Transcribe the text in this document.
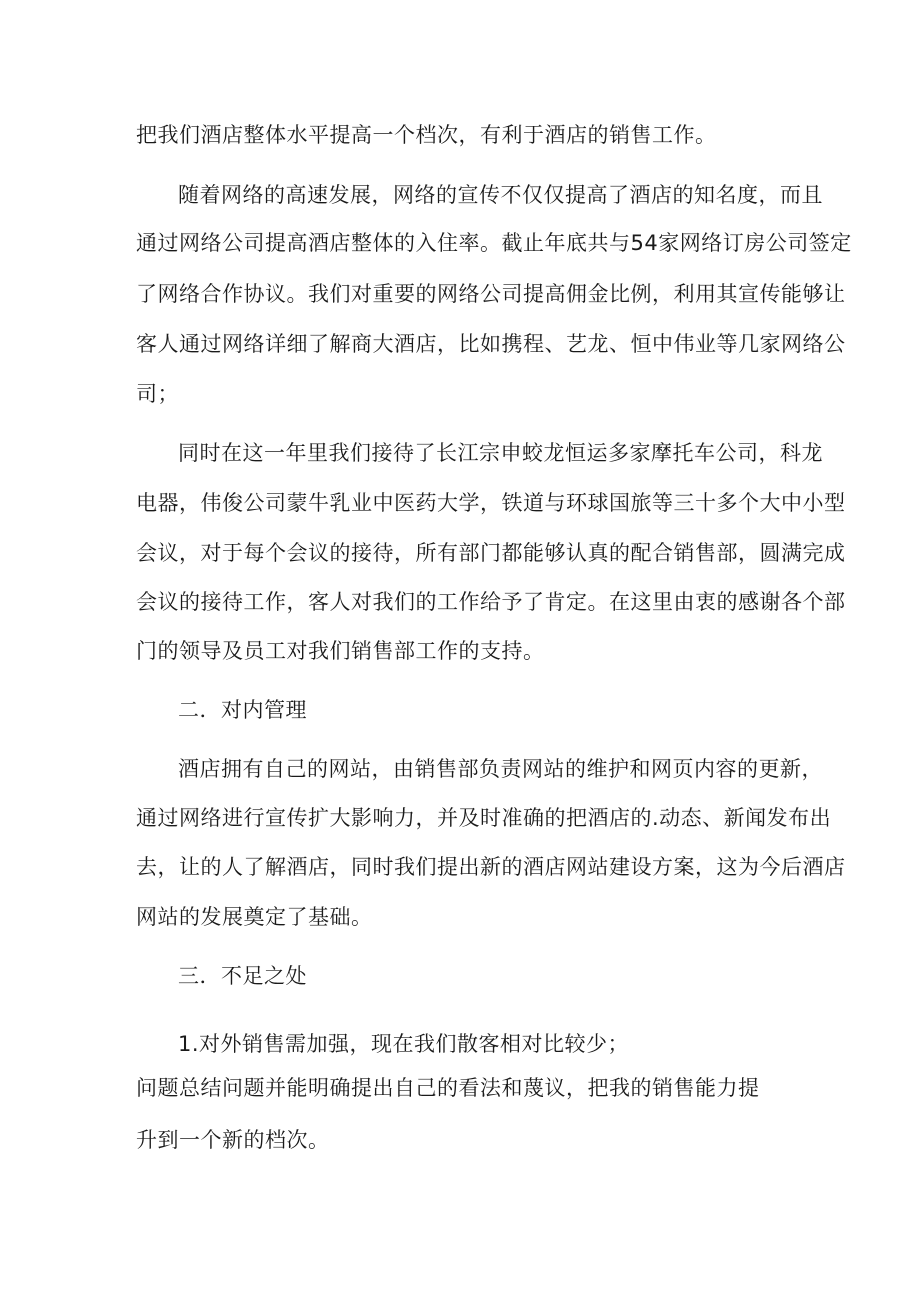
把我们酒店整体水平提高一个档次，有利于酒店的销售工作。
随着网络的高速发展，网络的宣传不仅仅提高了酒店的知名度，而且
通过网络公司提高酒店整体的入住率。截止年底共与54家网络订房公司签定
了网络合作协议。我们对重要的网络公司提高佣金比例，利用其宣传能够让
客人通过网络详细了解商大酒店，比如携程、艺龙、恒中伟业等几家网络公
司；
同时在这一年里我们接待了长江宗申蛟龙恒运多家摩托车公司，科龙
电器，伟俊公司蒙牛乳业中医药大学，铁道与环球国旅等三十多个大中小型
会议，对于每个会议的接待，所有部门都能够认真的配合销售部，圆满完成
会议的接待工作，客人对我们的工作给予了肯定。在这里由衷的感谢各个部
门的领导及员工对我们销售部工作的支持。
二．对内管理
酒店拥有自己的网站，由销售部负责网站的维护和网页内容的更新，
通过网络进行宣传扩大影响力，并及时准确的把酒店的.动态、新闻发布出
去，让的人了解酒店，同时我们提出新的酒店网站建设方案，这为今后酒店
网站的发展奠定了基础。
三．不足之处
1.对外销售需加强，现在我们散客相对比较少；
问题总结问题并能明确提出自己的看法和蔑议，把我的销售能力提
升到一个新的档次。
